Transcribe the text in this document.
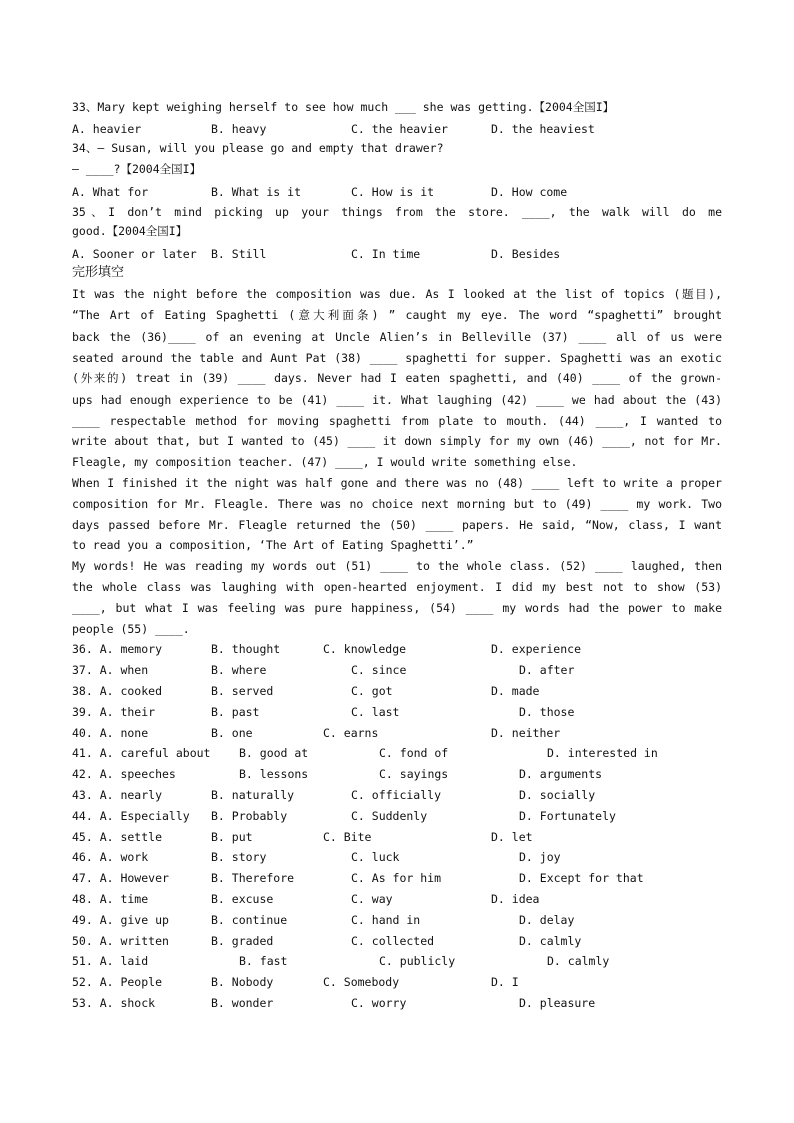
33、Mary kept weighing herself to see how much ___ she was getting.【2004全国I】
A. heavier	B. heavy	C. the heavier	D. the heaviest
34、— Susan, will you please go and empty that drawer?
— ____?【2004全国I】
A. What for	B. What is it	C. How is it	D. How come
35、I don’t mind picking up your things from the store. ____, the walk will do me
good.【2004全国I】
A. Sooner or later B. Still	C. In time	D. Besides
完形填空
It was the night before the composition was due. As I looked at the list of topics (题目),
“The Art of Eating Spaghetti (意大利面条) ” caught my eye. The word “spaghetti” brought
back the (36)____ of an evening at Uncle Alien’s in Belleville (37) ____ all of us were
seated around the table and Aunt Pat (38) ____ spaghetti for supper. Spaghetti was an exotic
(外来的) treat in (39) ____ days. Never had I eaten spaghetti, and (40) ____ of the grown-
ups had enough experience to be (41) ____ it. What laughing (42) ____ we had about the (43)
____ respectable method for moving spaghetti from plate to mouth. (44) ____, I wanted to
write about that, but I wanted to (45) ____ it down simply for my own (46) ____, not for Mr.
Fleagle, my composition teacher. (47) ____, I would write something else.
When I finished it the night was half gone and there was no (48) ____ left to write a proper
composition for Mr. Fleagle. There was no choice next morning but to (49) ____ my work. Two
days passed before Mr. Fleagle returned the (50) ____ papers. He said, “Now, class, I want
to read you a composition, ‘The Art of Eating Spaghetti’.”
My words! He was reading my words out (51) ____ to the whole class. (52) ____ laughed, then
the whole class was laughing with open-hearted enjoyment. I did my best not to show (53)
____, but what I was feeling was pure happiness, (54) ____ my words had the power to make
people (55) ____.
36. A. memory	B. thought	C. knowledge	D. experience
37. A. when	B. where	C. since	D. after
38. A. cooked	B. served	C. got	D. made
39. A. their	B. past	C. last	D. those
40. A. none	B. one	C. earns	D. neither
41. A. careful about B. good at	C. fond of	D. interested in
42. A. speeches	B. lessons	C. sayings	D. arguments
43. A. nearly	B. naturally	C. officially	D. socially
44. A. Especially B. Probably	C. Suddenly	D. Fortunately
45. A. settle	B. put	C. Bite	D. let
46. A. work	B. story	C. luck	D. joy
47. A. However	B. Therefore	C. As for him	D. Except for that
48. A. time	B. excuse	C. way	D. idea
49. A. give up	B. continue	C. hand in	D. delay
50. A. written	B. graded	C. collected	D. calmly
51. A. laid	B. fast	C. publicly	D. calmly
52. A. People	B. Nobody	C. Somebody	D. I
53. A. shock	B. wonder	C. worry	D. pleasure
